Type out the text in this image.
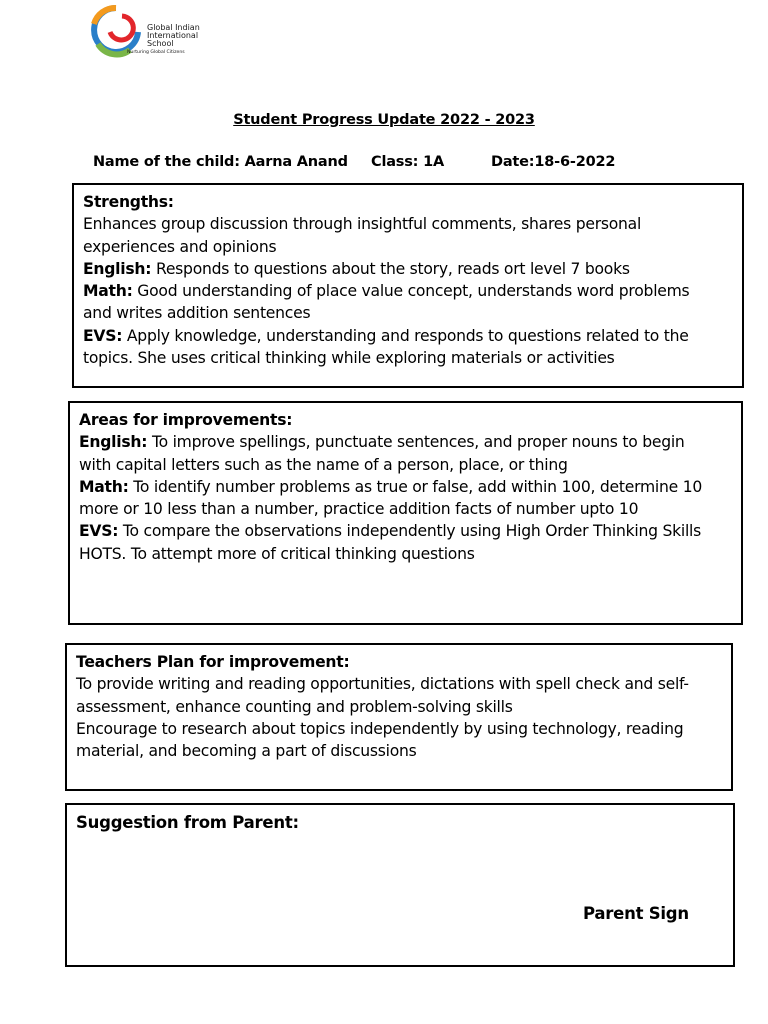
Global Indian
International
School
Nurturing Global Citizens
Student Progress Update 2022 - 2023
Name of the child: Aarna Anand Class: 1A	Date:18-6-2022
Strengths:
Enhances group discussion through insightful comments, shares personal
experiences and opinions
English: Responds to questions about the story, reads ort level 7 books
Math: Good understanding of place value concept, understands word problems
and writes addition sentences
EVS: Apply knowledge, understanding and responds to questions related to the
topics. She uses critical thinking while exploring materials or activities
Areas for improvements:
English: To improve spellings, punctuate sentences, and proper nouns to begin
with capital letters such as the name of a person, place, or thing
Math: To identify number problems as true or false, add within 100, determine 10
more or 10 less than a number, practice addition facts of number upto 10
EVS: To compare the observations independently using High Order Thinking Skills
HOTS. To attempt more of critical thinking questions
Teachers Plan for improvement:
To provide writing and reading opportunities, dictations with spell check and self-
assessment, enhance counting and problem-solving skills
Encourage to research about topics independently by using technology, reading
material, and becoming a part of discussions
Suggestion from Parent:
Parent Sign
